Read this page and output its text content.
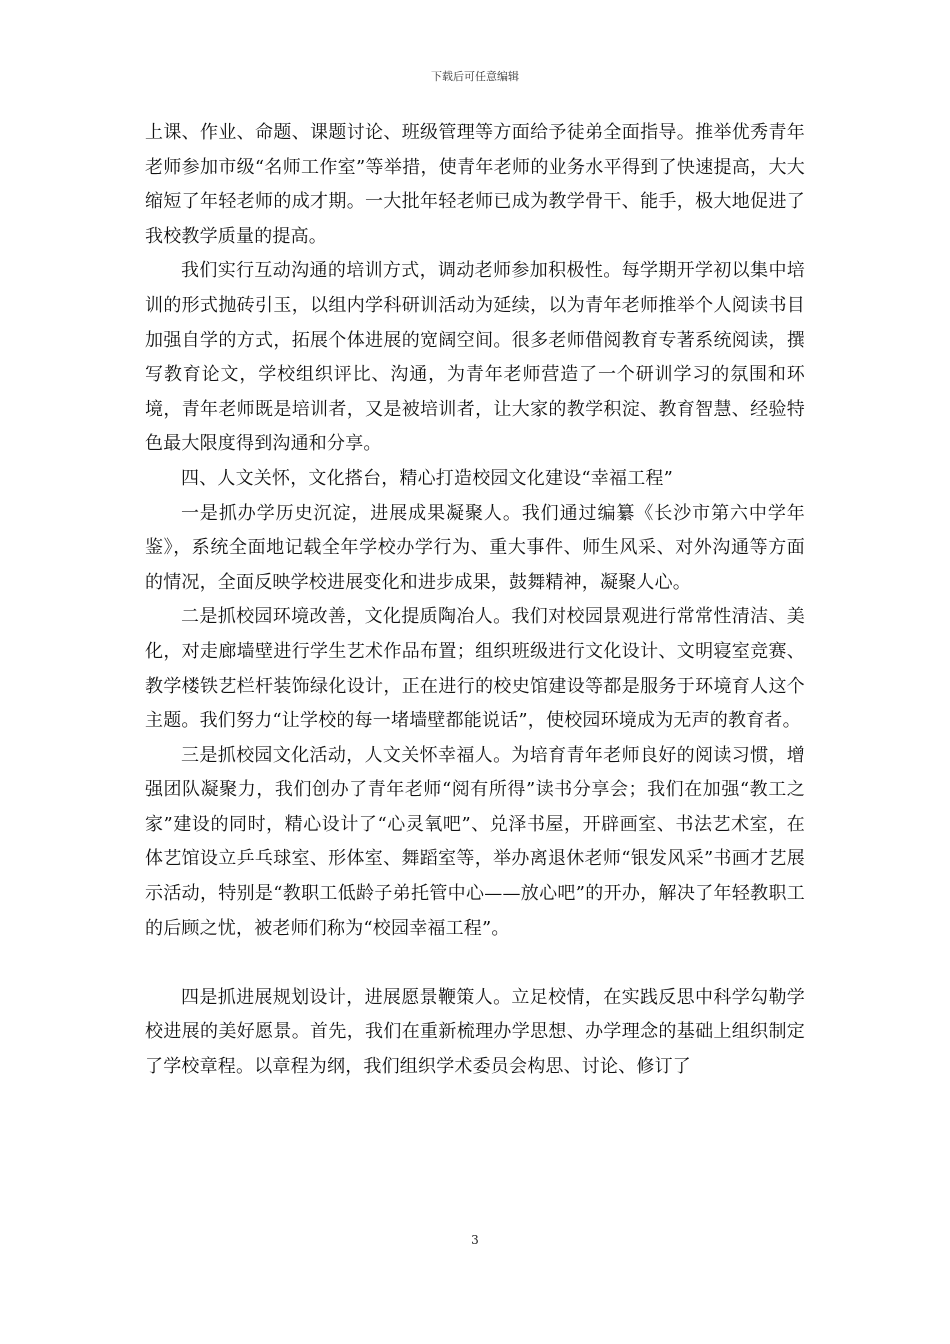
下载后可任意编辑

上课、作业、命题、课题讨论、班级管理等方面给予徒弟全面指导。推举优秀青年老师参加市级“名师工作室”等举措，使青年老师的业务水平得到了快速提高，大大缩短了年轻老师的成才期。一大批年轻老师已成为教学骨干、能手，极大地促进了我校教学质量的提高。

我们实行互动沟通的培训方式，调动老师参加积极性。每学期开学初以集中培训的形式抛砖引玉，以组内学科研训活动为延续，以为青年老师推举个人阅读书目加强自学的方式，拓展个体进展的宽阔空间。很多老师借阅教育专著系统阅读，撰写教育论文，学校组织评比、沟通，为青年老师营造了一个研训学习的氛围和环境，青年老师既是培训者，又是被培训者，让大家的教学积淀、教育智慧、经验特色最大限度得到沟通和分享。

四、人文关怀，文化搭台，精心打造校园文化建设“幸福工程”

一是抓办学历史沉淀，进展成果凝聚人。我们通过编纂《长沙市第六中学年鉴》，系统全面地记载全年学校办学行为、重大事件、师生风采、对外沟通等方面的情况，全面反映学校进展变化和进步成果，鼓舞精神，凝聚人心。

二是抓校园环境改善，文化提质陶冶人。我们对校园景观进行常常性清洁、美化，对走廊墙壁进行学生艺术作品布置；组织班级进行文化设计、文明寝室竞赛、教学楼铁艺栏杆装饰绿化设计，正在进行的校史馆建设等都是服务于环境育人这个主题。我们努力“让学校的每一堵墙壁都能说话”，使校园环境成为无声的教育者。

三是抓校园文化活动，人文关怀幸福人。为培育青年老师良好的阅读习惯，增强团队凝聚力，我们创办了青年老师“阅有所得”读书分享会；我们在加强“教工之家”建设的同时，精心设计了“心灵氧吧”、兑泽书屋，开辟画室、书法艺术室，在体艺馆设立乒乓球室、形体室、舞蹈室等，举办离退休老师“银发风采”书画才艺展示活动，特别是“教职工低龄子弟托管中心——放心吧”的开办，解决了年轻教职工的后顾之忧，被老师们称为“校园幸福工程”。

四是抓进展规划设计，进展愿景鞭策人。立足校情，在实践反思中科学勾勒学校进展的美好愿景。首先，我们在重新梳理办学思想、办学理念的基础上组织制定了学校章程。以章程为纲，我们组织学术委员会构思、讨论、修订了

3
